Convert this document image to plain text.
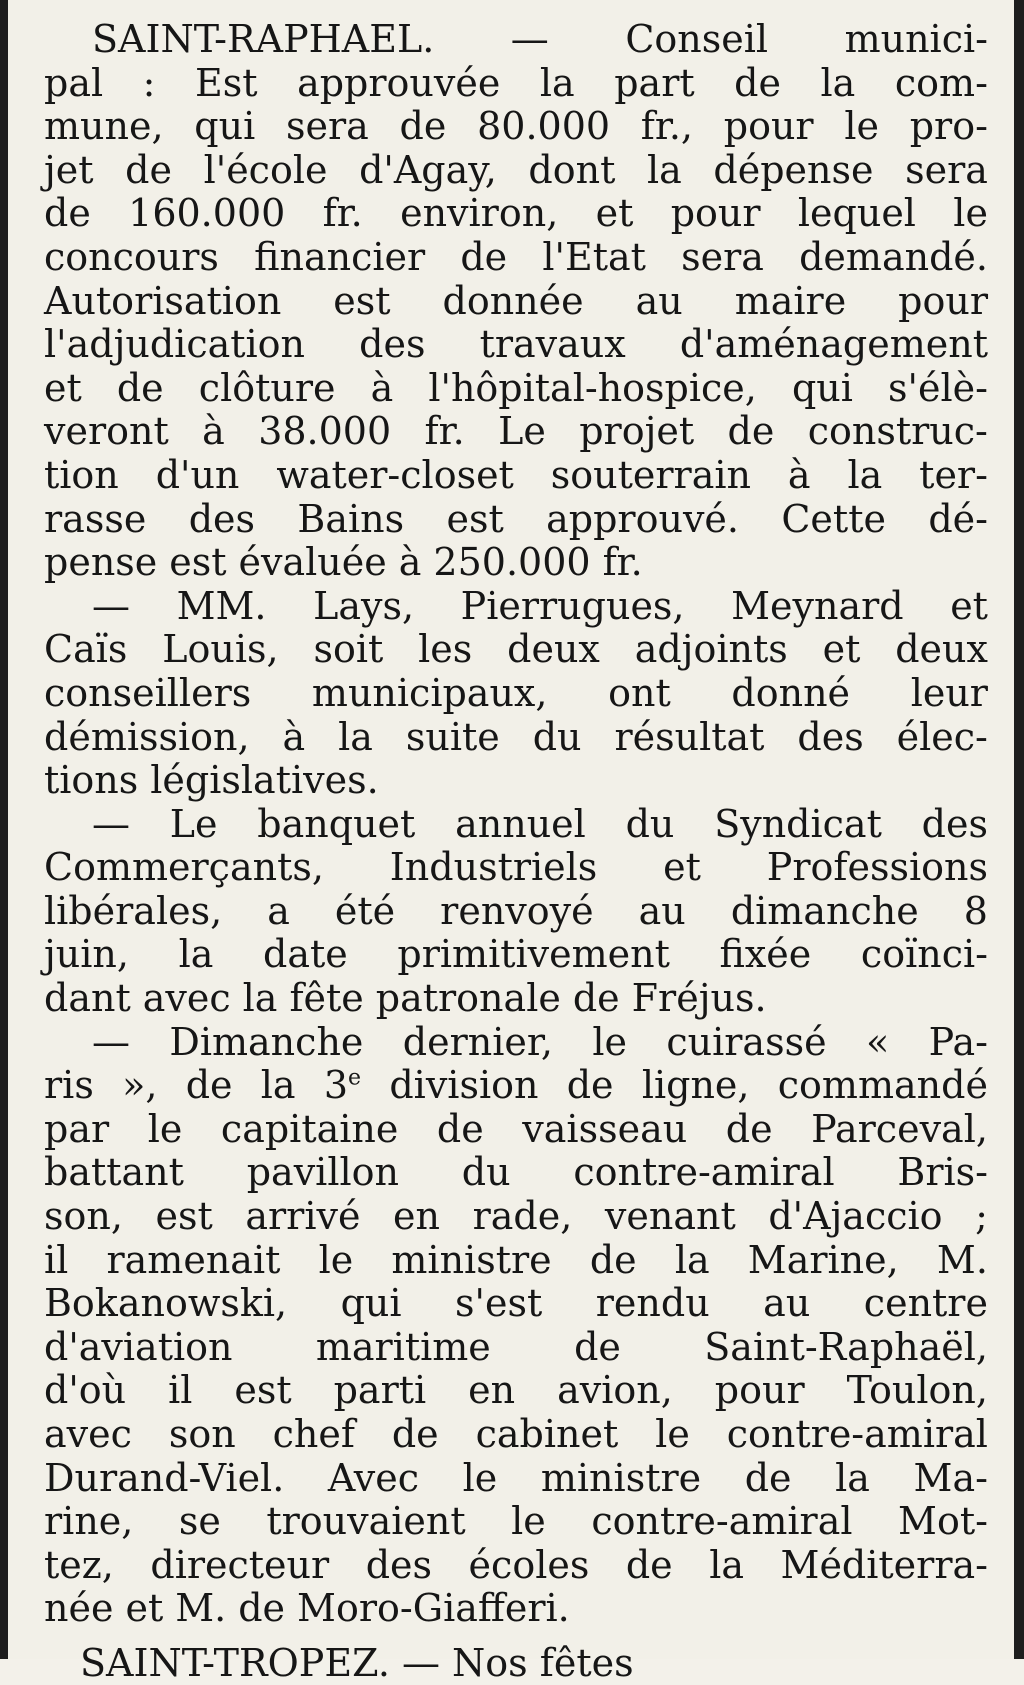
SAINT-RAPHAEL. — Conseil munici-
pal : Est approuvée la part de la com-
mune, qui sera de 80.000 fr., pour le pro-
jet de l'école d'Agay, dont la dépense sera
de 160.000 fr. environ, et pour lequel le
concours financier de l'Etat sera demandé.
Autorisation est donnée au maire pour
l'adjudication des travaux d'aménagement
et de clôture à l'hôpital-hospice, qui s'élè-
veront à 38.000 fr. Le projet de construc-
tion d'un water-closet souterrain à la ter-
rasse des Bains est approuvé. Cette dé-
pense est évaluée à 250.000 fr.
— MM. Lays, Pierrugues, Meynard et
Caïs Louis, soit les deux adjoints et deux
conseillers municipaux, ont donné leur
démission, à la suite du résultat des élec-
tions législatives.
— Le banquet annuel du Syndicat des
Commerçants, Industriels et Professions
libérales, a été renvoyé au dimanche 8
juin, la date primitivement fixée coïnci-
dant avec la fête patronale de Fréjus.
— Dimanche dernier, le cuirassé « Pa-
ris », de la 3e division de ligne, commandé
par le capitaine de vaisseau de Parceval,
battant pavillon du contre-amiral Bris-
son, est arrivé en rade, venant d'Ajaccio ;
il ramenait le ministre de la Marine, M.
Bokanowski, qui s'est rendu au centre
d'aviation maritime de Saint-Raphaël,
d'où il est parti en avion, pour Toulon,
avec son chef de cabinet le contre-amiral
Durand-Viel. Avec le ministre de la Ma-
rine, se trouvaient le contre-amiral Mot-
tez, directeur des écoles de la Méditerra-
née et M. de Moro-Giafferi.
SAINT-TROPEZ. — Nos fêtes
